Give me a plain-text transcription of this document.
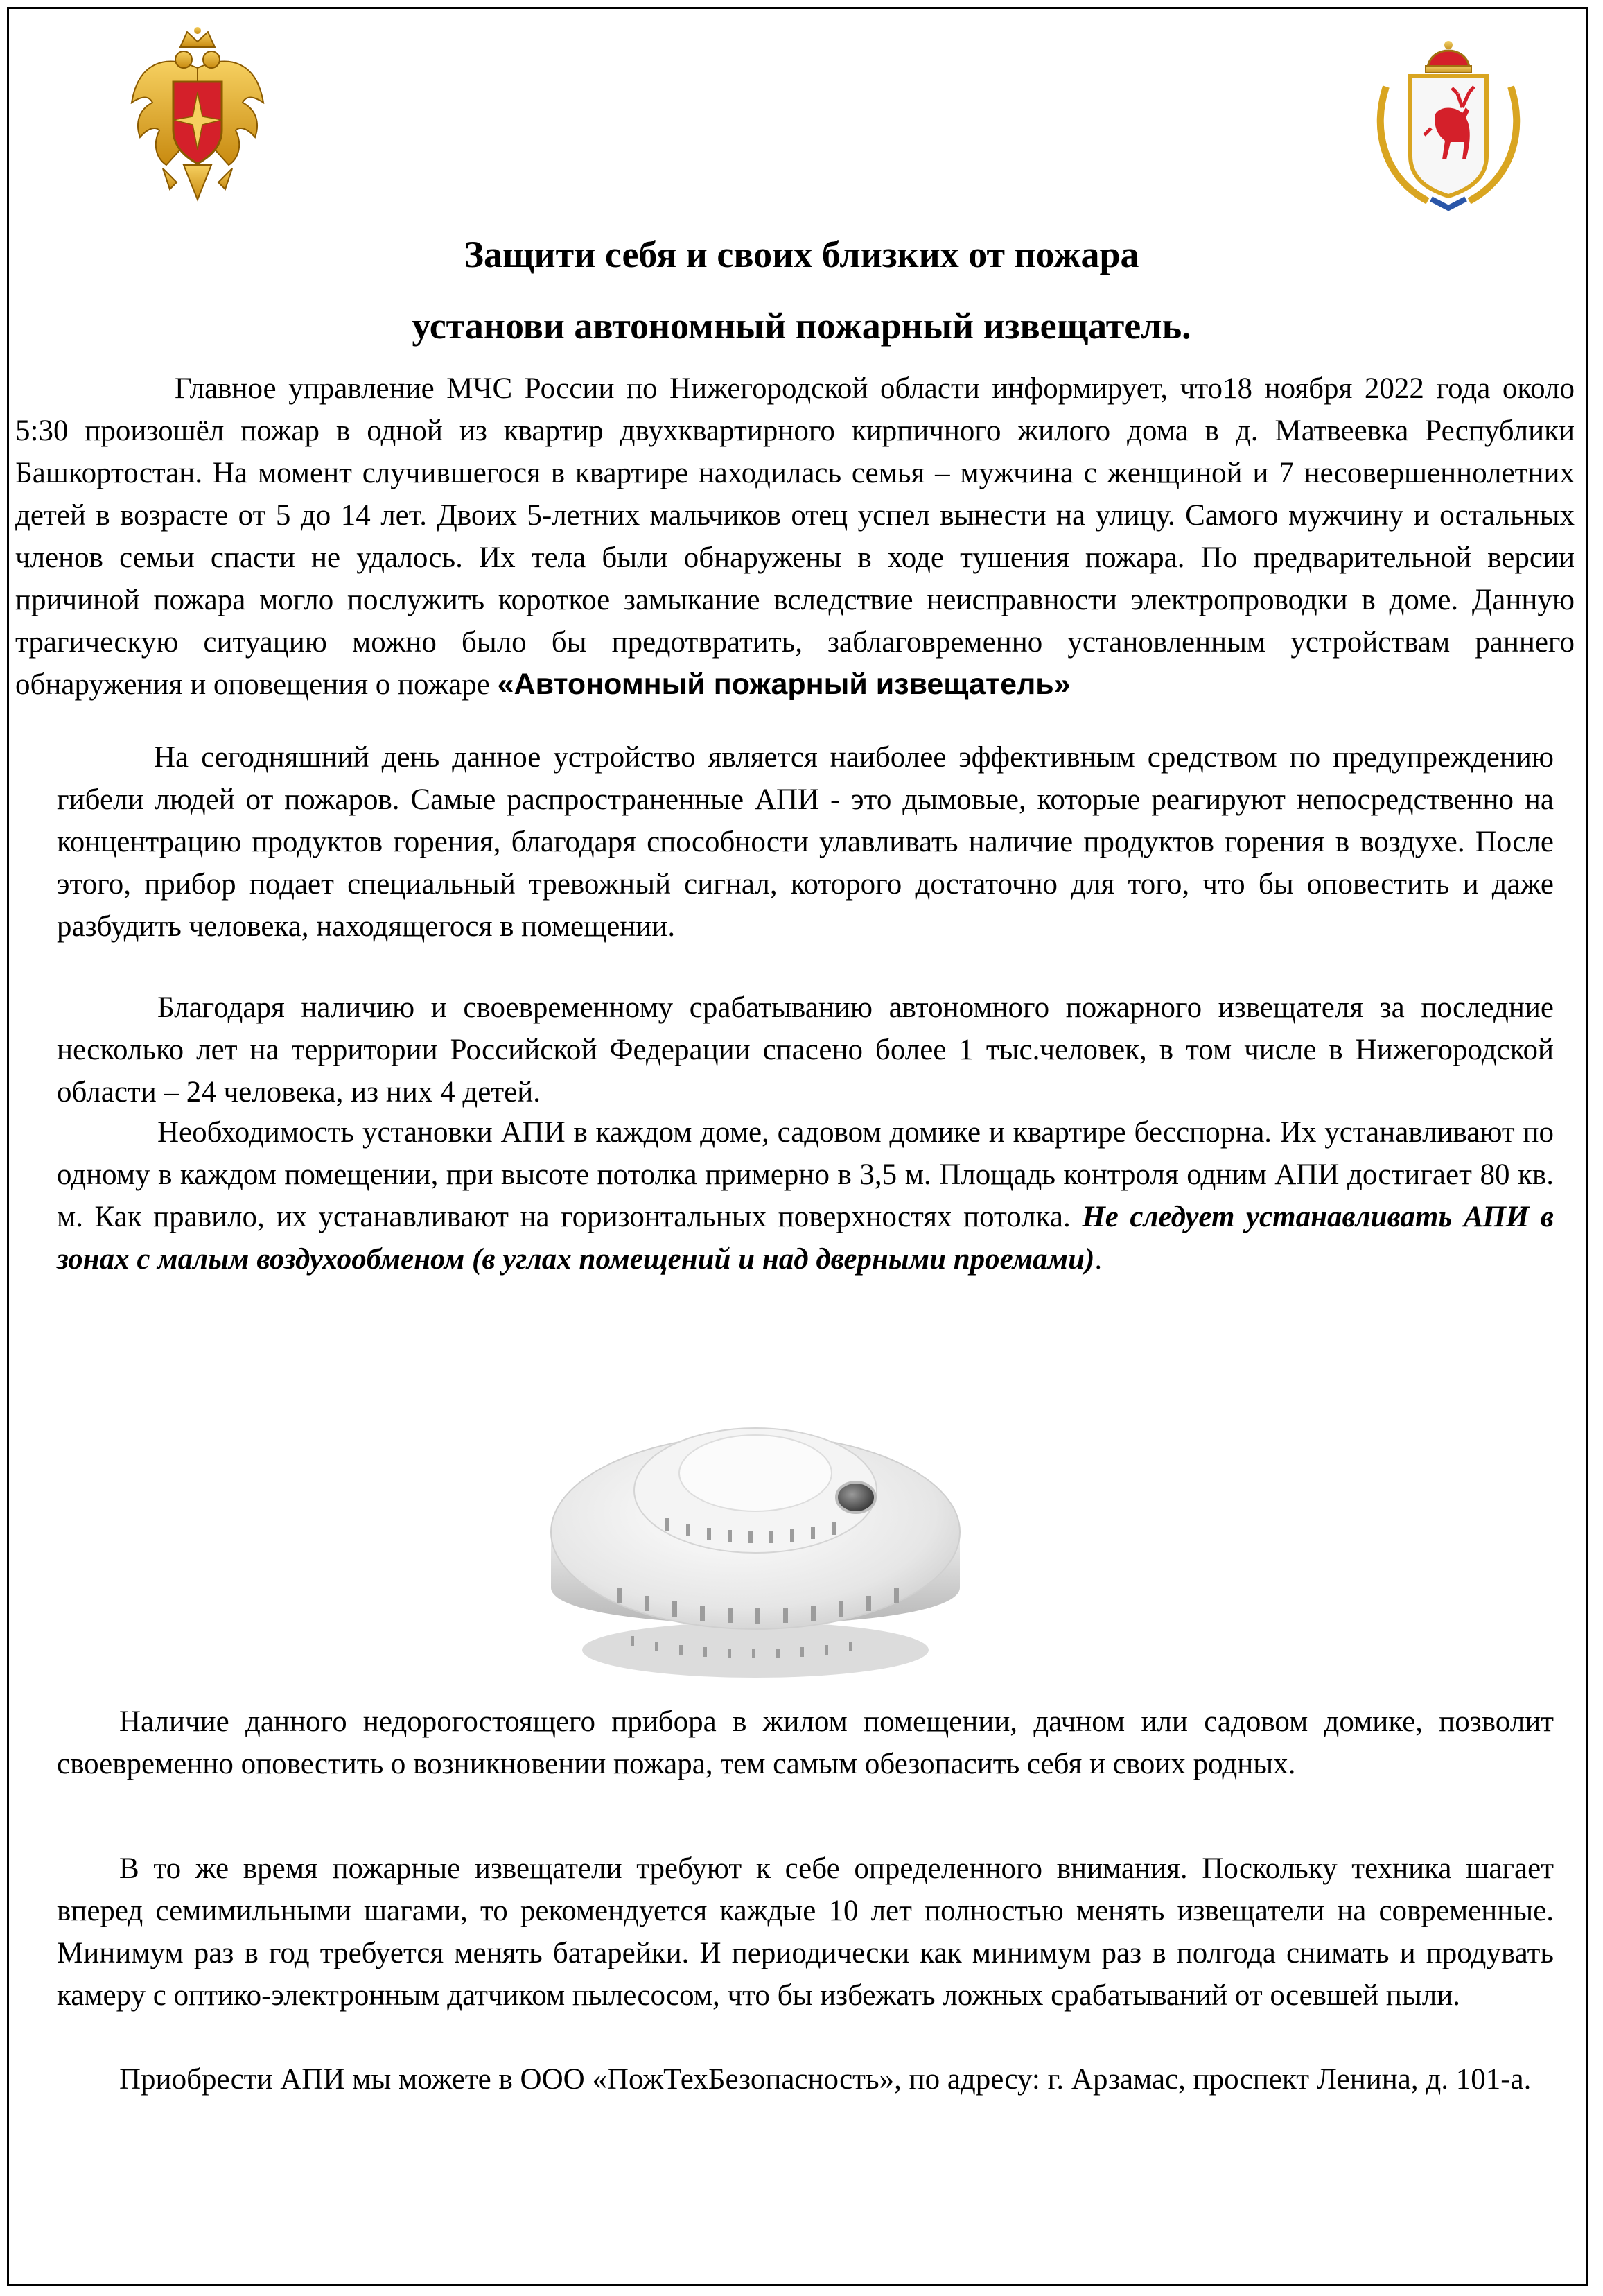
Защити себя и своих близких от пожара
установи автономный пожарный извещатель.

Главное управление МЧС России по Нижегородской области информирует, что18 ноября 2022 года около 5:30 произошёл пожар в одной из квартир двухквартирного кирпичного жилого дома в д. Матвеевка Республики Башкортостан. На момент случившегося в квартире находилась семья – мужчина с женщиной и 7 несовершеннолетних детей в возрасте от 5 до 14 лет. Двоих 5-летних мальчиков отец успел вынести на улицу. Самого мужчину и остальных членов семьи спасти не удалось. Их тела были обнаружены в ходе тушения пожара. По предварительной версии причиной пожара могло послужить короткое замыкание вследствие неисправности электропроводки в доме. Данную трагическую ситуацию можно было бы предотвратить, заблаговременно установленным устройствам раннего обнаружения и оповещения о пожаре «Автономный пожарный извещатель»

На сегодняшний день данное устройство является наиболее эффективным средством по предупреждению гибели людей от пожаров. Самые распространенные АПИ - это дымовые, которые реагируют непосредственно на концентрацию продуктов горения, благодаря способности улавливать наличие продуктов горения в воздухе. После этого, прибор подает специальный тревожный сигнал, которого достаточно для того, что бы оповестить и даже разбудить человека, находящегося в помещении.

Благодаря наличию и своевременному срабатыванию автономного пожарного извещателя за последние несколько лет на территории Российской Федерации спасено более 1 тыс.человек, в том числе в Нижегородской области – 24 человека, из них 4 детей.

Необходимость установки АПИ в каждом доме, садовом домике и квартире бесспорна. Их устанавливают по одному в каждом помещении, при высоте потолка примерно в 3,5 м. Площадь контроля одним АПИ достигает 80 кв. м. Как правило, их устанавливают на горизонтальных поверхностях потолка. Не следует устанавливать АПИ в зонах с малым воздухообменом (в углах помещений и над дверными проемами).

Наличие данного недорогостоящего прибора в жилом помещении, дачном или садовом домике, позволит своевременно оповестить о возникновении пожара, тем самым обезопасить себя и своих родных.

В то же время пожарные извещатели требуют к себе определенного внимания. Поскольку техника шагает вперед семимильными шагами, то рекомендуется каждые 10 лет полностью менять извещатели на современные. Минимум раз в год требуется менять батарейки. И периодически как минимум раз в полгода снимать и продувать камеру с оптико-электронным датчиком пылесосом, что бы избежать ложных срабатываний от осевшей пыли.

Приобрести АПИ мы можете в ООО «ПожТехБезопасность», по адресу: г. Арзамас, проспект Ленина, д. 101-а.
